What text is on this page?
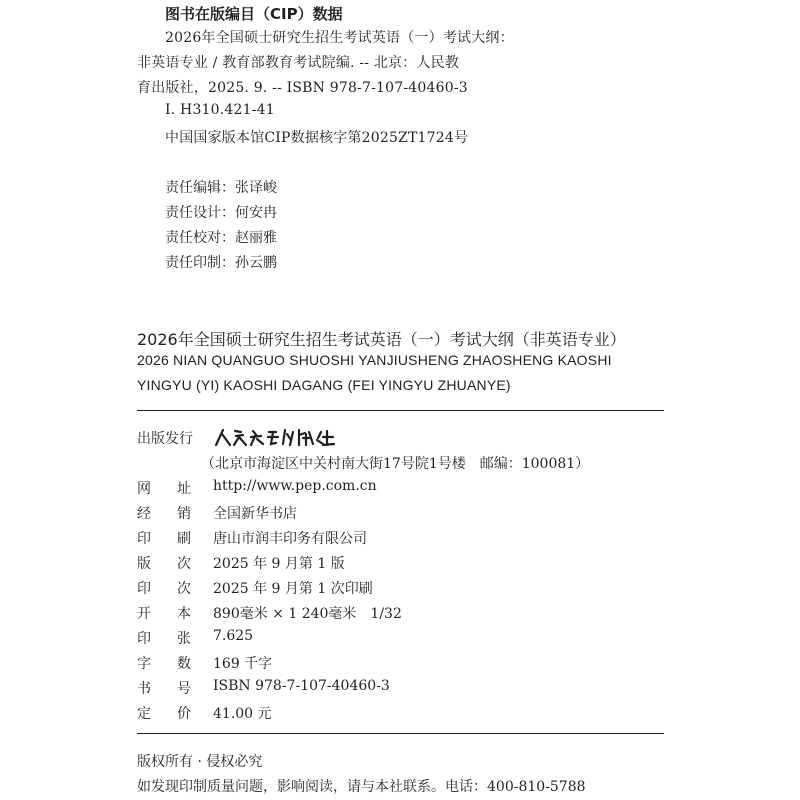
图书在版编目（CIP）数据
2026年全国硕士研究生招生考试英语（一）考试大纲：
非英语专业 / 教育部教育考试院编. -- 北京：人民教
育出版社，2025. 9. -- ISBN 978-7-107-40460-3
Ⅰ. H310.421-41
中国国家版本馆CIP数据核字第2025ZT1724号
责任编辑：张译峻
责任设计：何安冉
责任校对：赵丽雅
责任印制：孙云鹏
2026年全国硕士研究生招生考试英语（一）考试大纲（非英语专业）
2026 NIAN QUANGUO SHUOSHI YANJIUSHENG ZHAOSHENG KAOSHI
YINGYU (YI) KAOSHI DAGANG (FEI YINGYU ZHUANYE)
出版发行
（北京市海淀区中关村南大街17号院1号楼　邮编：100081）
网 址 http://www.pep.com.cn
经 销 全国新华书店
印 刷 唐山市润丰印务有限公司
版 次 2025 年 9 月第 1 版
印 次 2025 年 9 月第 1 次印刷
开 本 890毫米 × 1 240毫米　1/32
印 张 7.625
字 数 169 千字
书 号 ISBN 978-7-107-40460-3
定 价 41.00 元
版权所有 · 侵权必究
如发现印制质量问题，影响阅读，请与本社联系。电话：400-810-5788
